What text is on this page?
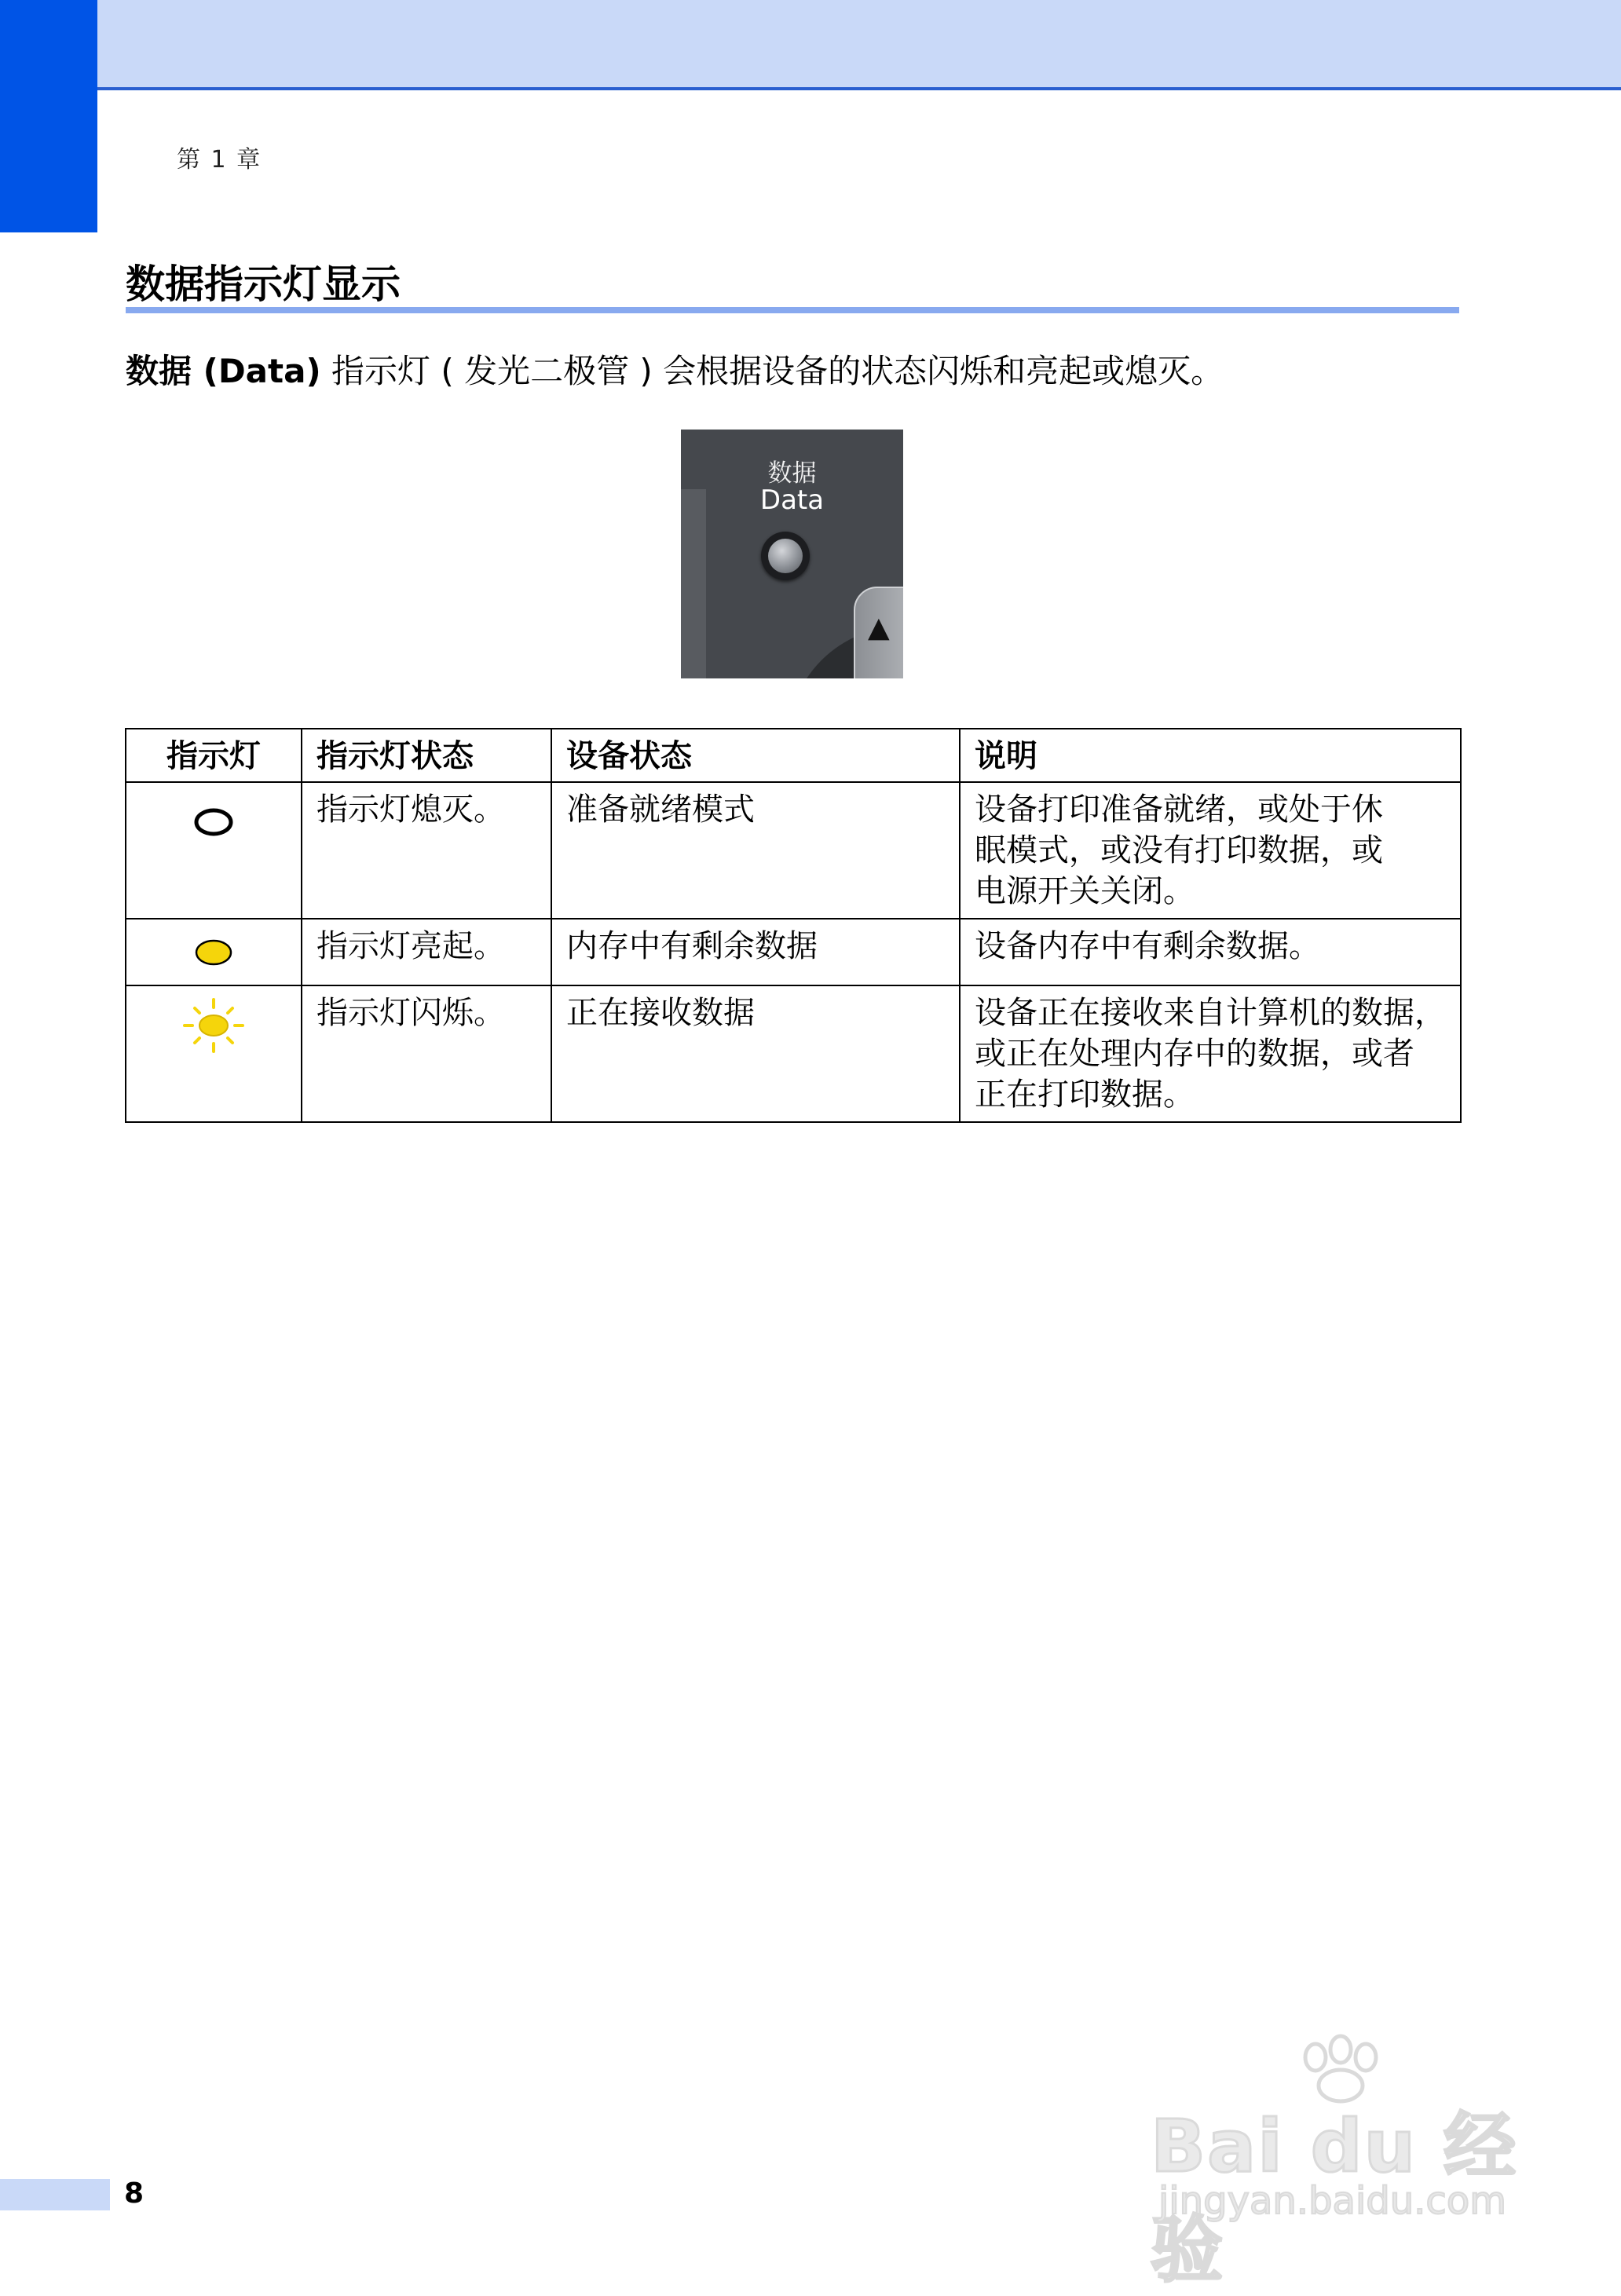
第 1 章
数据指示灯显示
数据 (Data) 指示灯 ( 发光二极管 ) 会根据设备的状态闪烁和亮起或熄灭。
数据
Data
▲
指示灯	指示灯状态	设备状态	说明
	指示灯熄灭。	准备就绪模式	设备打印准备就绪，或处于休
眠模式，或没有打印数据，或
电源开关关闭。

	指示灯亮起。	内存中有剩余数据	设备内存中有剩余数据。

	指示灯闪烁。	正在接收数据	设备正在接收来自计算机的数据，
或正在处理内存中的数据，或者
正在打印数据。
8
Bai du 经验
jingyan.baidu.com
